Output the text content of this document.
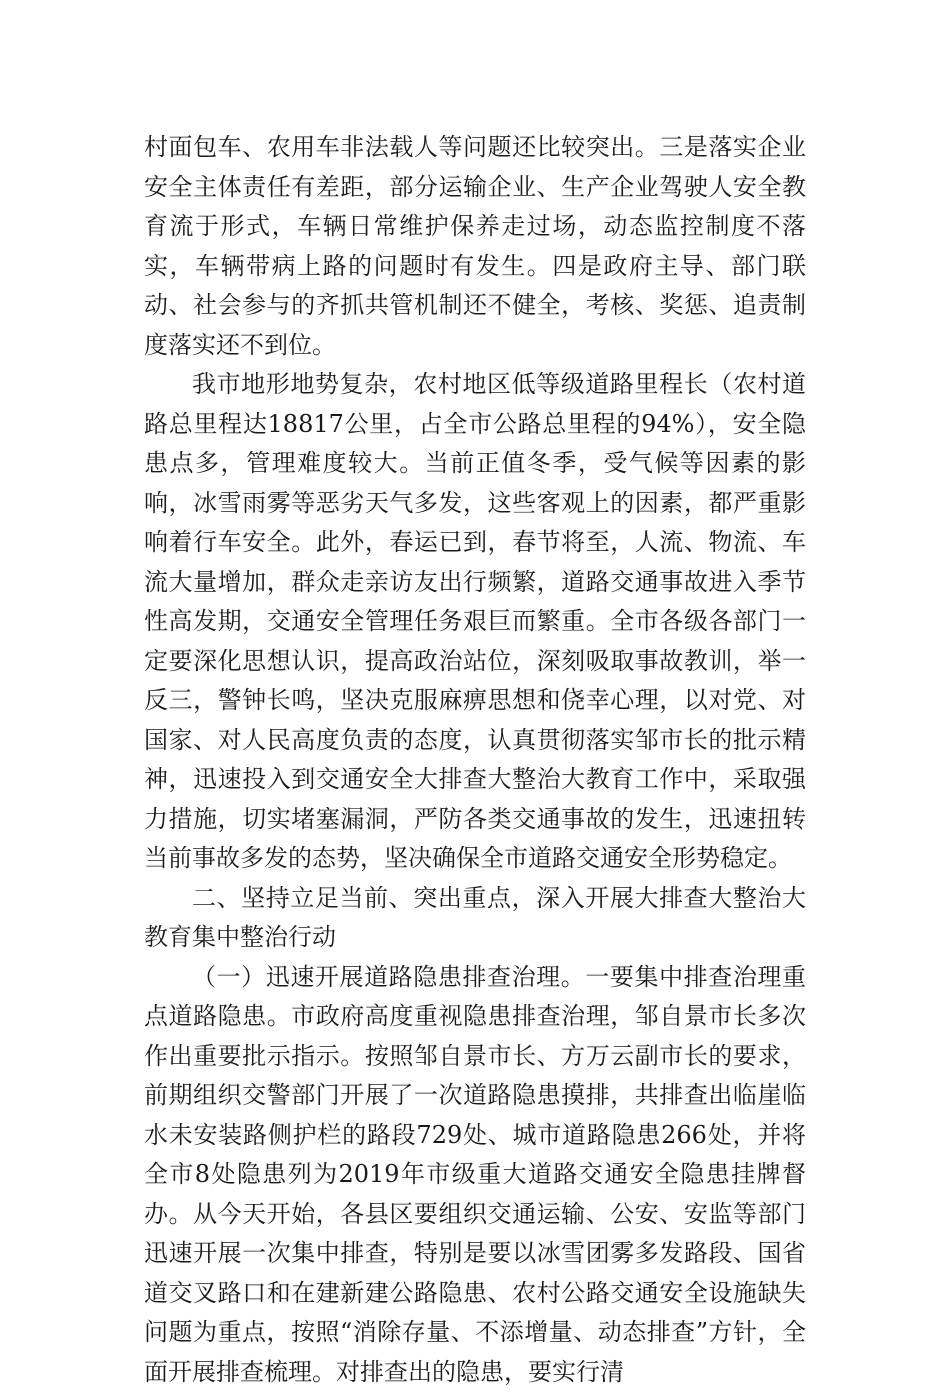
村面包车、农用车非法载人等问题还比较突出。三是落实企业安全主体责任有差距，部分运输企业、生产企业驾驶人安全教育流于形式，车辆日常维护保养走过场，动态监控制度不落实，车辆带病上路的问题时有发生。四是政府主导、部门联动、社会参与的齐抓共管机制还不健全，考核、奖惩、追责制度落实还不到位。

我市地形地势复杂，农村地区低等级道路里程长（农村道路总里程达18817公里，占全市公路总里程的94%），安全隐患点多，管理难度较大。当前正值冬季，受气候等因素的影响，冰雪雨雾等恶劣天气多发，这些客观上的因素，都严重影响着行车安全。此外，春运已到，春节将至，人流、物流、车流大量增加，群众走亲访友出行频繁，道路交通事故进入季节性高发期，交通安全管理任务艰巨而繁重。全市各级各部门一定要深化思想认识，提高政治站位，深刻吸取事故教训，举一反三，警钟长鸣，坚决克服麻痹思想和侥幸心理，以对党、对国家、对人民高度负责的态度，认真贯彻落实邹市长的批示精神，迅速投入到交通安全大排查大整治大教育工作中，采取强力措施，切实堵塞漏洞，严防各类交通事故的发生，迅速扭转当前事故多发的态势，坚决确保全市道路交通安全形势稳定。

二、坚持立足当前、突出重点，深入开展大排查大整治大教育集中整治行动

（一）迅速开展道路隐患排查治理。一要集中排查治理重点道路隐患。市政府高度重视隐患排查治理，邹自景市长多次作出重要批示指示。按照邹自景市长、方万云副市长的要求，前期组织交警部门开展了一次道路隐患摸排，共排查出临崖临水未安装路侧护栏的路段729处、城市道路隐患266处，并将全市8处隐患列为2019年市级重大道路交通安全隐患挂牌督办。从今天开始，各县区要组织交通运输、公安、安监等部门迅速开展一次集中排查，特别是要以冰雪团雾多发路段、国省道交叉路口和在建新建公路隐患、农村公路交通安全设施缺失问题为重点，按照“消除存量、不添增量、动态排查”方针，全面开展排查梳理。对排查出的隐患，要实行清
